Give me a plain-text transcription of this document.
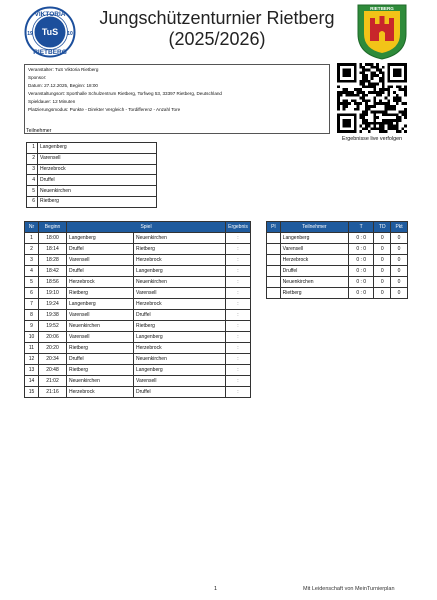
VIKTORIA
RIETBERG
TuS
19	10
Jungschützenturnier Rietberg
(2025/2026)
RIETBERG
Veranstalter: TuS Viktoria Rietberg
Sponsor:
Datum: 27.12.2025, Beginn: 18:00
Veranstaltungsort: Sporthalle Schulzentrum Rietberg, Torfweg 53, 33397 Rietberg, Deutschland
Spieldauer: 12 Minuten
Platzierungsmodus: Punkte - Direkter Vergleich - Tordifferenz - Anzahl Tore
Ergebnisse live verfolgen
Teilnehmer
1	Langenberg
2	Varensell
3	Herzebrock
4	Druffel
5	Neuenkirchen
6	Rietberg
Nr	Beginn	Spiel		Ergebnis
1	18:00	Langenberg	Neuenkirchen	:
2	18:14	Druffel	Rietberg	:
3	18:28	Varensell	Herzebrock	:
4	18:42	Druffel	Langenberg	:
5	18:56	Herzebrock	Neuenkirchen	:
6	19:10	Rietberg	Varensell	:
7	19:24	Langenberg	Herzebrock	:
8	19:38	Varensell	Druffel	:
9	19:52	Neuenkirchen	Rietberg	:
10	20:06	Varensell	Langenberg	:
11	20:20	Rietberg	Herzebrock	:
12	20:34	Druffel	Neuenkirchen	:
13	20:48	Rietberg	Langenberg	:
14	21:02	Neuenkirchen	Varensell	:
15	21:16	Herzebrock	Druffel	:
Pl	Teilnehmer	T	TD	Pkt
	Langenberg	0 : 0	0	0
	Varensell	0 : 0	0	0
	Herzebrock	0 : 0	0	0
	Druffel	0 : 0	0	0
	Neuenkirchen	0 : 0	0	0
	Rietberg	0 : 0	0	0
1	Mit Leidenschaft von MeinTurnierplan
